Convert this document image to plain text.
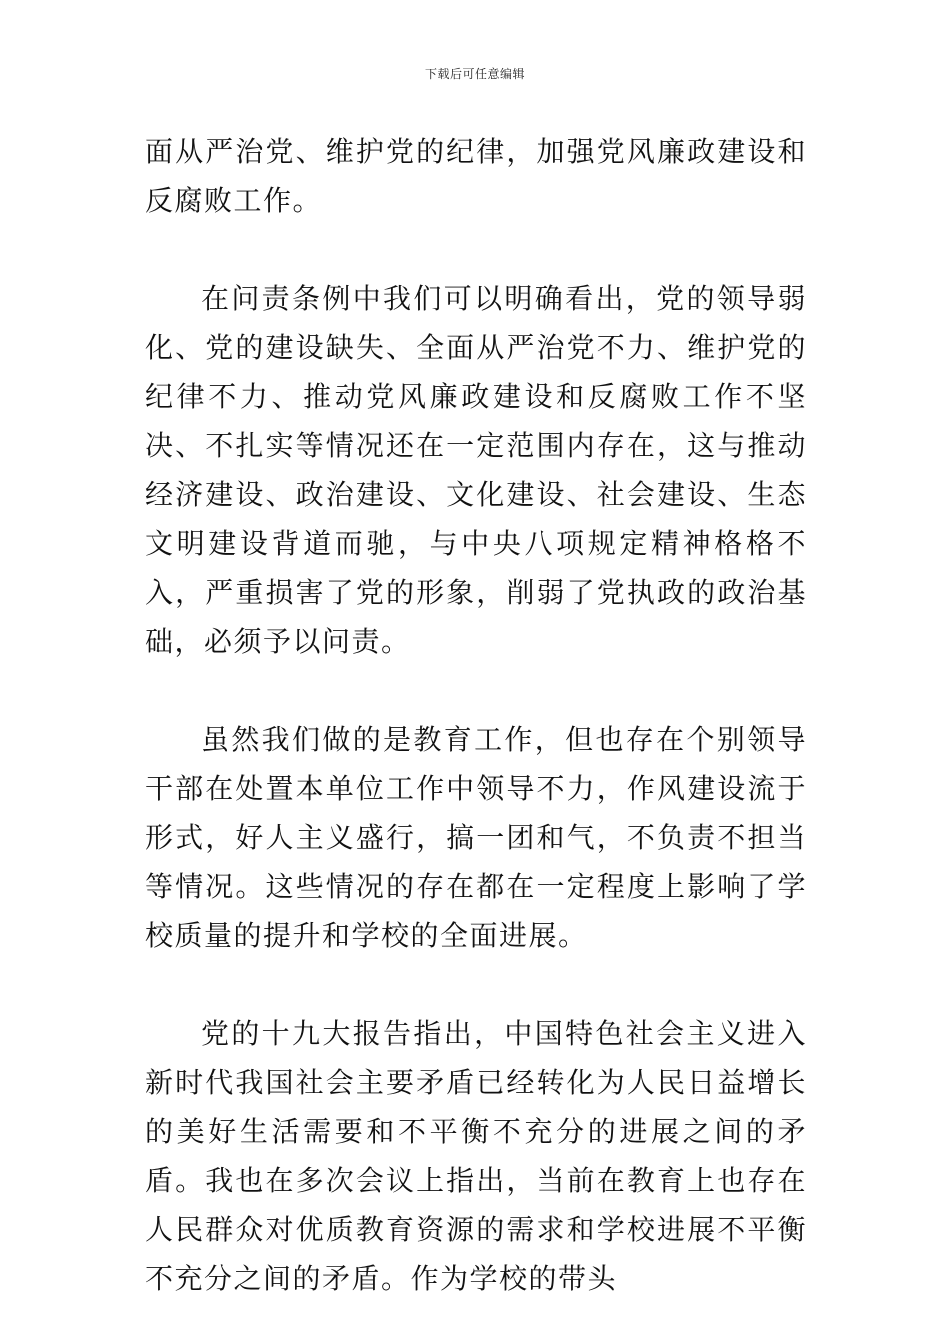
下载后可任意编辑

面从严治党、维护党的纪律，加强党风廉政建设和反腐败工作。

在问责条例中我们可以明确看出，党的领导弱化、党的建设缺失、全面从严治党不力、维护党的纪律不力、推动党风廉政建设和反腐败工作不坚决、不扎实等情况还在一定范围内存在，这与推动经济建设、政治建设、文化建设、社会建设、生态文明建设背道而驰，与中央八项规定精神格格不入，严重损害了党的形象，削弱了党执政的政治基础，必须予以问责。

虽然我们做的是教育工作，但也存在个别领导干部在处置本单位工作中领导不力，作风建设流于形式，好人主义盛行，搞一团和气，不负责不担当等情况。这些情况的存在都在一定程度上影响了学校质量的提升和学校的全面进展。

党的十九大报告指出，中国特色社会主义进入新时代我国社会主要矛盾已经转化为人民日益增长的美好生活需要和不平衡不充分的进展之间的矛盾。我也在多次会议上指出，当前在教育上也存在人民群众对优质教育资源的需求和学校进展不平衡不充分之间的矛盾。作为学校的带头
